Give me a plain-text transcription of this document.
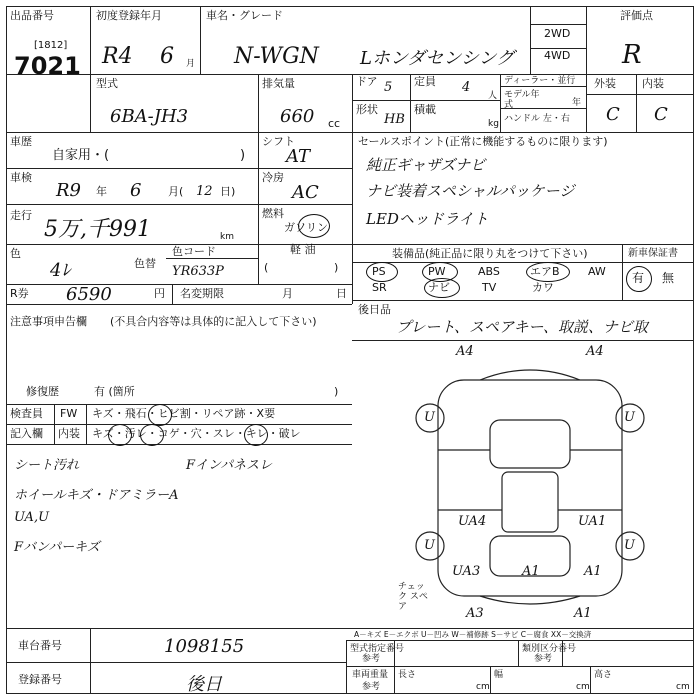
出品番号
[1812]
7021
初度登録年月
R4 6 月
車名・グレード
N-WGN Lホンダセンシング
2WD
4WD
評価点
R
型式
6BA-JH3
排気量
660 cc
ドア 5 定員 4
人
形状
HB
積載
kg
ディーラー・並行
モデル年式	年
ハンドル 左・右
外装 内装
C C
車歴
自家用・(	)
シフト
AT
車検
R9 年 6 月( 12 日)
冷房
AC
走行
5万,千991	km
燃料
ガソリン
軽 油
(	)
色
4ﾚ	色替
色コード
YR633P
R券 6590	円 名変期限	月	日
セールスポイント(正常に機能するものに限ります)
純正ギャザズナビ
ナビ装着スペシャルパッケージ
LEDヘッドライト
装備品(純正品に限り丸をつけて下さい)	新車保証書
PS	PW	ABS	エアB	AW
SR	ナビ	TV	カワ
有 無
後日品
プレート、スペアキー、取説、ナビ取
注意事項申告欄 (不具合内容等は具体的に記入して下さい)
修復歴	有 (箇所	)
検査員
記入欄
FW キズ・飛石・ヒビ割・リペア跡・X要
内装 キズ・汚レ・コゲ・穴・スレ・キレ・破レ
シート汚れ
ホイールキズ・ドアミラーA
UA,U
Fバンパーキズ
Fインパネスレ
A4	A4
U	U
UA4	UA1
U	U
UA3	A1	A1
A3	A1
チェック スペア
A－キズ E－エクボ U－凹み W－補修跡 S－サビ C－腐食 XX－交換済
車台番号	1098155
登録番号	後日
型式指定番号
参考
類別区分番号
参考
車両重量
参考
長さ
cm
幅
cm
高さ
cm
